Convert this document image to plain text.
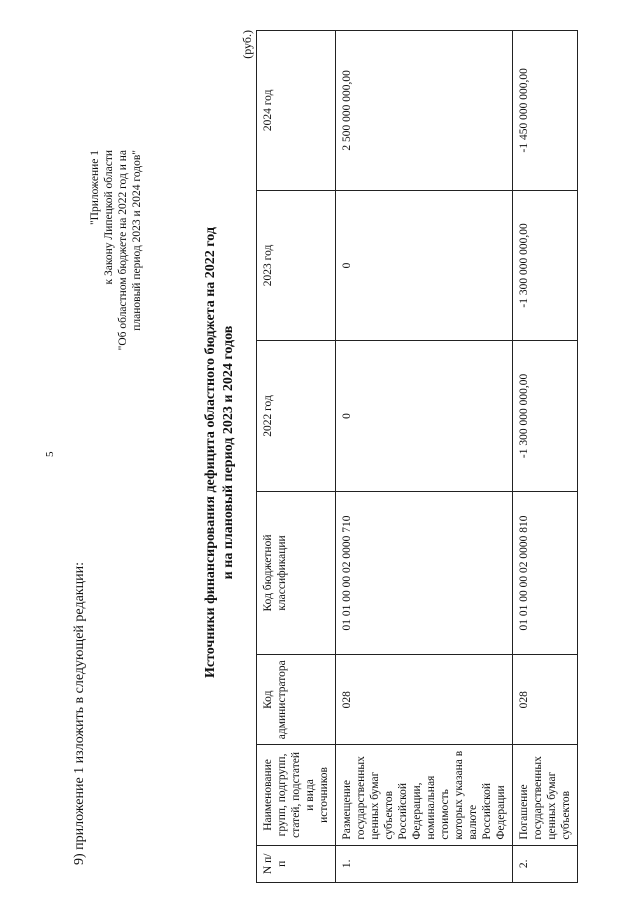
5
9) приложение 1 изложить в следующей редакции:
"Приложение 1 к Закону Липецкой области "Об областном бюджете на 2022 год и на плановый период 2023 и 2024 годов"	Источники финансирования дефицита областного бюджета на 2022 год и на плановый период 2023 и 2024 годов
(руб.)
N п/п	Наименование групп, подгрупп, статей, подстатей и вида источников	Код администратора	Код бюджетной классификации	2022 год	2023 год	2024 год
1.	Размещение государственных ценных бумаг субъектов Российской Федерации, номинальная стоимость которых указана в валюте Российской Федерации	028	01 01 00 00 02 0000 710	0	0	2 500 000 000,00
2.	Погашение государственных ценных бумаг субъектов	028	01 01 00 00 02 0000 810	-1 300 000 000,00	-1 300 000 000,00	-1 450 000 000,00
